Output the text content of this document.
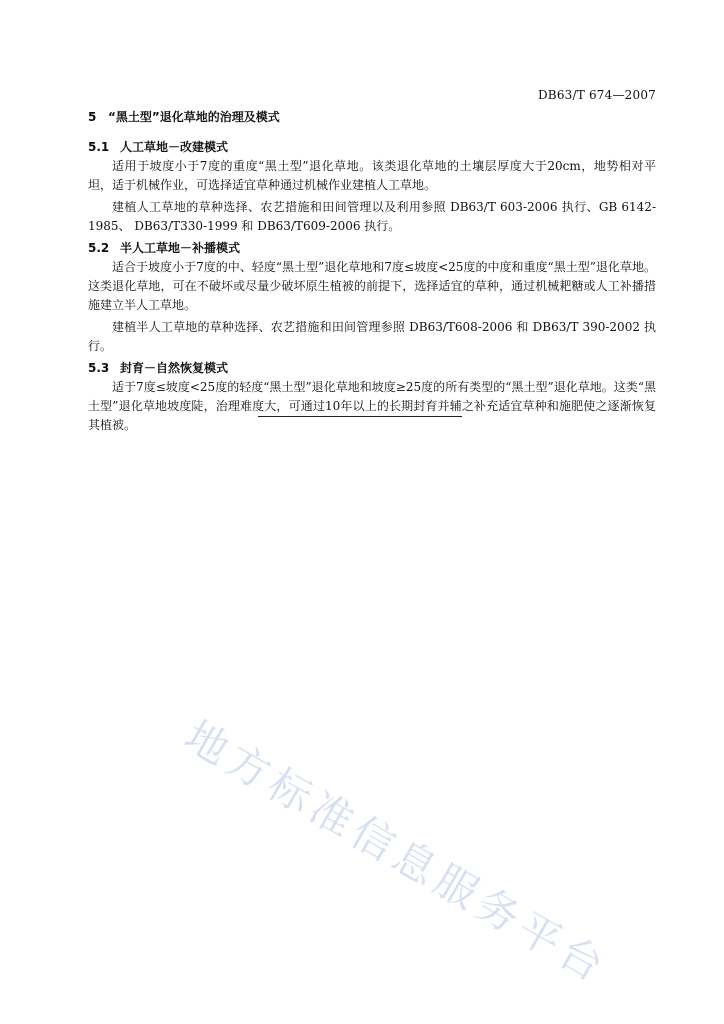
DB63/T 674—2007
5 “黑土型”退化草地的治理及模式
5.1 人工草地－改建模式

适用于坡度小于7度的重度“黑土型”退化草地。该类退化草地的土壤层厚度大于20cm，地势相对平坦，适于机械作业，可选择适宜草种通过机械作业建植人工草地。

建植人工草地的草种选择、农艺措施和田间管理以及利用参照 DB63/T 603-2006 执行、GB 6142-1985、 DB63/T330-1999 和 DB63/T609-2006 执行。

5.2 半人工草地－补播模式

适合于坡度小于7度的中、轻度“黑土型”退化草地和7度≤坡度<25度的中度和重度“黑土型”退化草地。这类退化草地，可在不破坏或尽量少破坏原生植被的前提下，选择适宜的草种，通过机械耙糖或人工补播措施建立半人工草地。

建植半人工草地的草种选择、农艺措施和田间管理参照 DB63/T608-2006 和 DB63/T 390-2002 执行。

5.3 封育－自然恢复模式

适于7度≤坡度<25度的轻度“黑土型”退化草地和坡度≥25度的所有类型的“黑土型”退化草地。这类“黑土型”退化草地坡度陡，治理难度大，可通过10年以上的长期封育并辅之补充适宜草种和施肥使之逐渐恢复其植被。

地方标准信息服务平台
